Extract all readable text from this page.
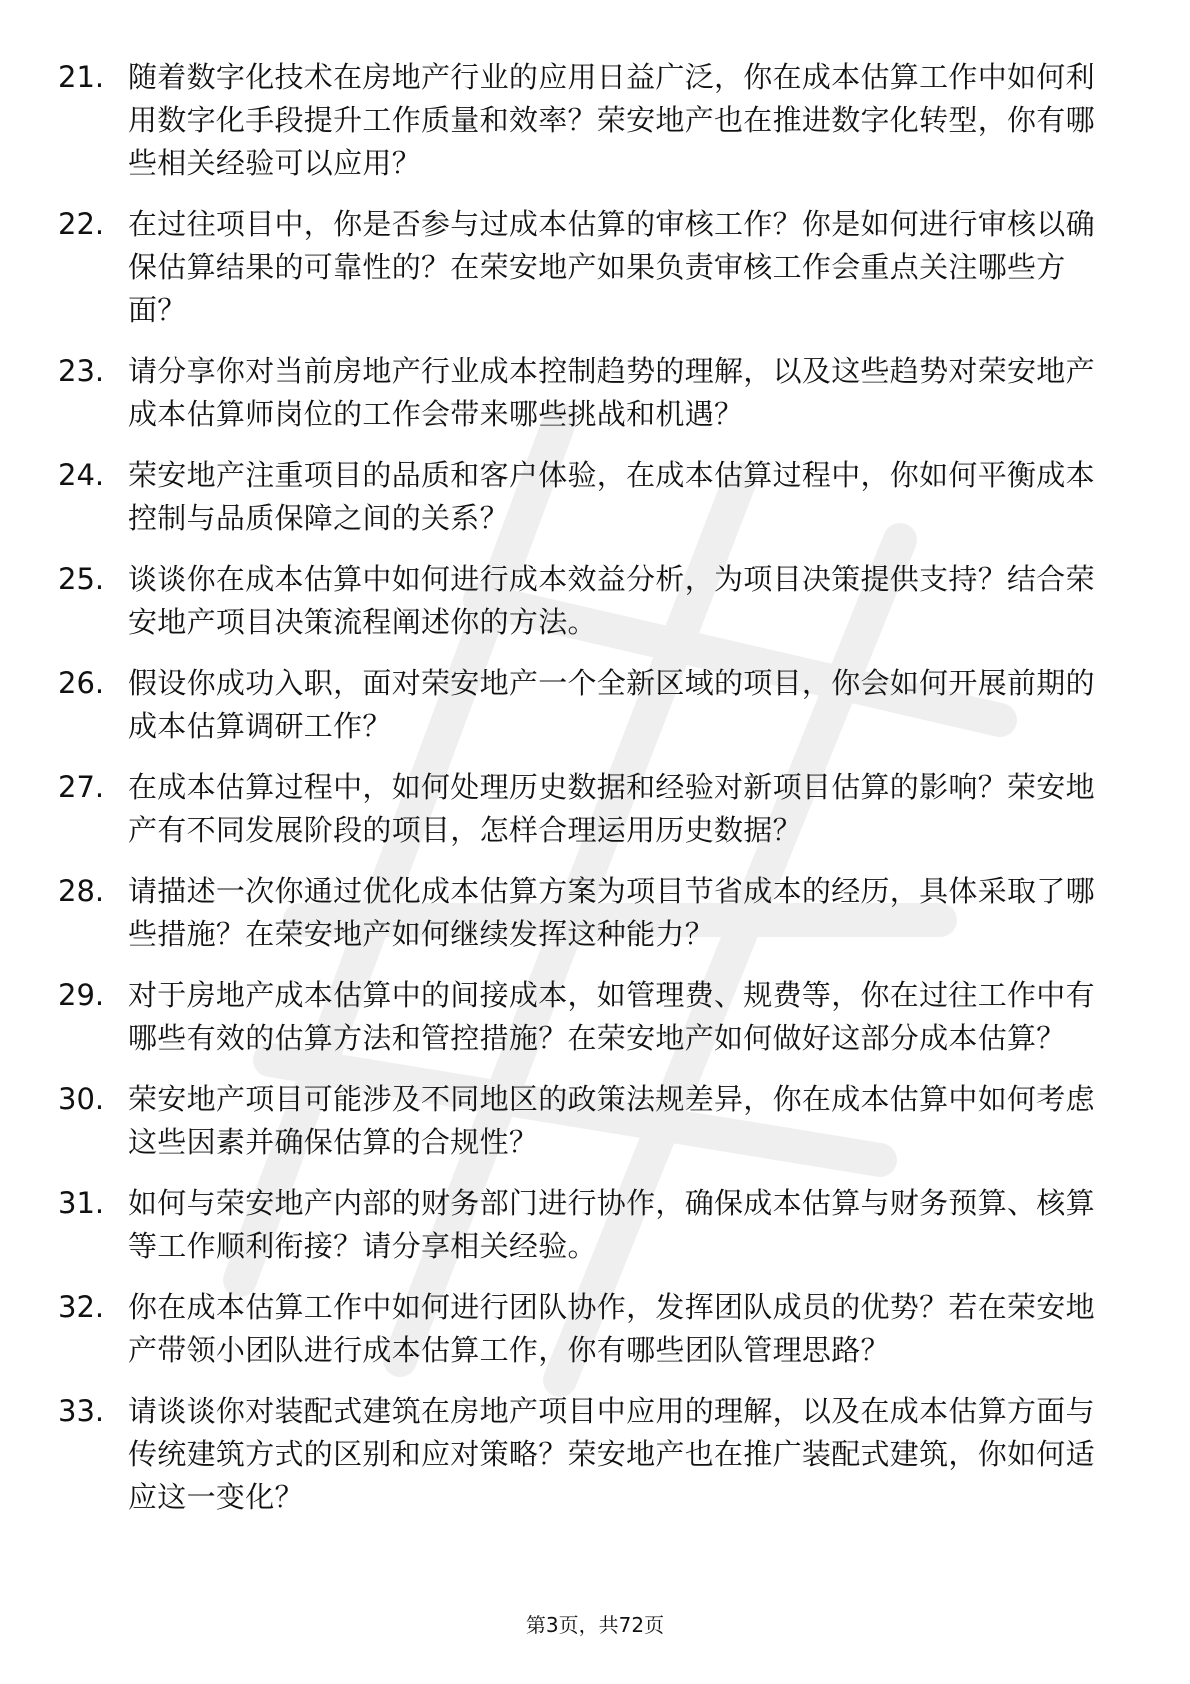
21. 随着数字化技术在房地产行业的应用日益广泛，你在成本估算工作中如何利用数字化手段提升工作质量和效率？荣安地产也在推进数字化转型，你有哪些相关经验可以应用？
22. 在过往项目中，你是否参与过成本估算的审核工作？你是如何进行审核以确保估算结果的可靠性的？在荣安地产如果负责审核工作会重点关注哪些方面？
23. 请分享你对当前房地产行业成本控制趋势的理解，以及这些趋势对荣安地产成本估算师岗位的工作会带来哪些挑战和机遇？
24. 荣安地产注重项目的品质和客户体验，在成本估算过程中，你如何平衡成本控制与品质保障之间的关系？
25. 谈谈你在成本估算中如何进行成本效益分析，为项目决策提供支持？结合荣安地产项目决策流程阐述你的方法。
26. 假设你成功入职，面对荣安地产一个全新区域的项目，你会如何开展前期的成本估算调研工作？
27. 在成本估算过程中，如何处理历史数据和经验对新项目估算的影响？荣安地产有不同发展阶段的项目，怎样合理运用历史数据？
28. 请描述一次你通过优化成本估算方案为项目节省成本的经历，具体采取了哪些措施？在荣安地产如何继续发挥这种能力？
29. 对于房地产成本估算中的间接成本，如管理费、规费等，你在过往工作中有哪些有效的估算方法和管控措施？在荣安地产如何做好这部分成本估算？
30. 荣安地产项目可能涉及不同地区的政策法规差异，你在成本估算中如何考虑这些因素并确保估算的合规性？
31. 如何与荣安地产内部的财务部门进行协作，确保成本估算与财务预算、核算等工作顺利衔接？请分享相关经验。
32. 你在成本估算工作中如何进行团队协作，发挥团队成员的优势？若在荣安地产带领小团队进行成本估算工作，你有哪些团队管理思路？
33. 请谈谈你对装配式建筑在房地产项目中应用的理解，以及在成本估算方面与传统建筑方式的区别和应对策略？荣安地产也在推广装配式建筑，你如何适应这一变化？
第3页，共72页
